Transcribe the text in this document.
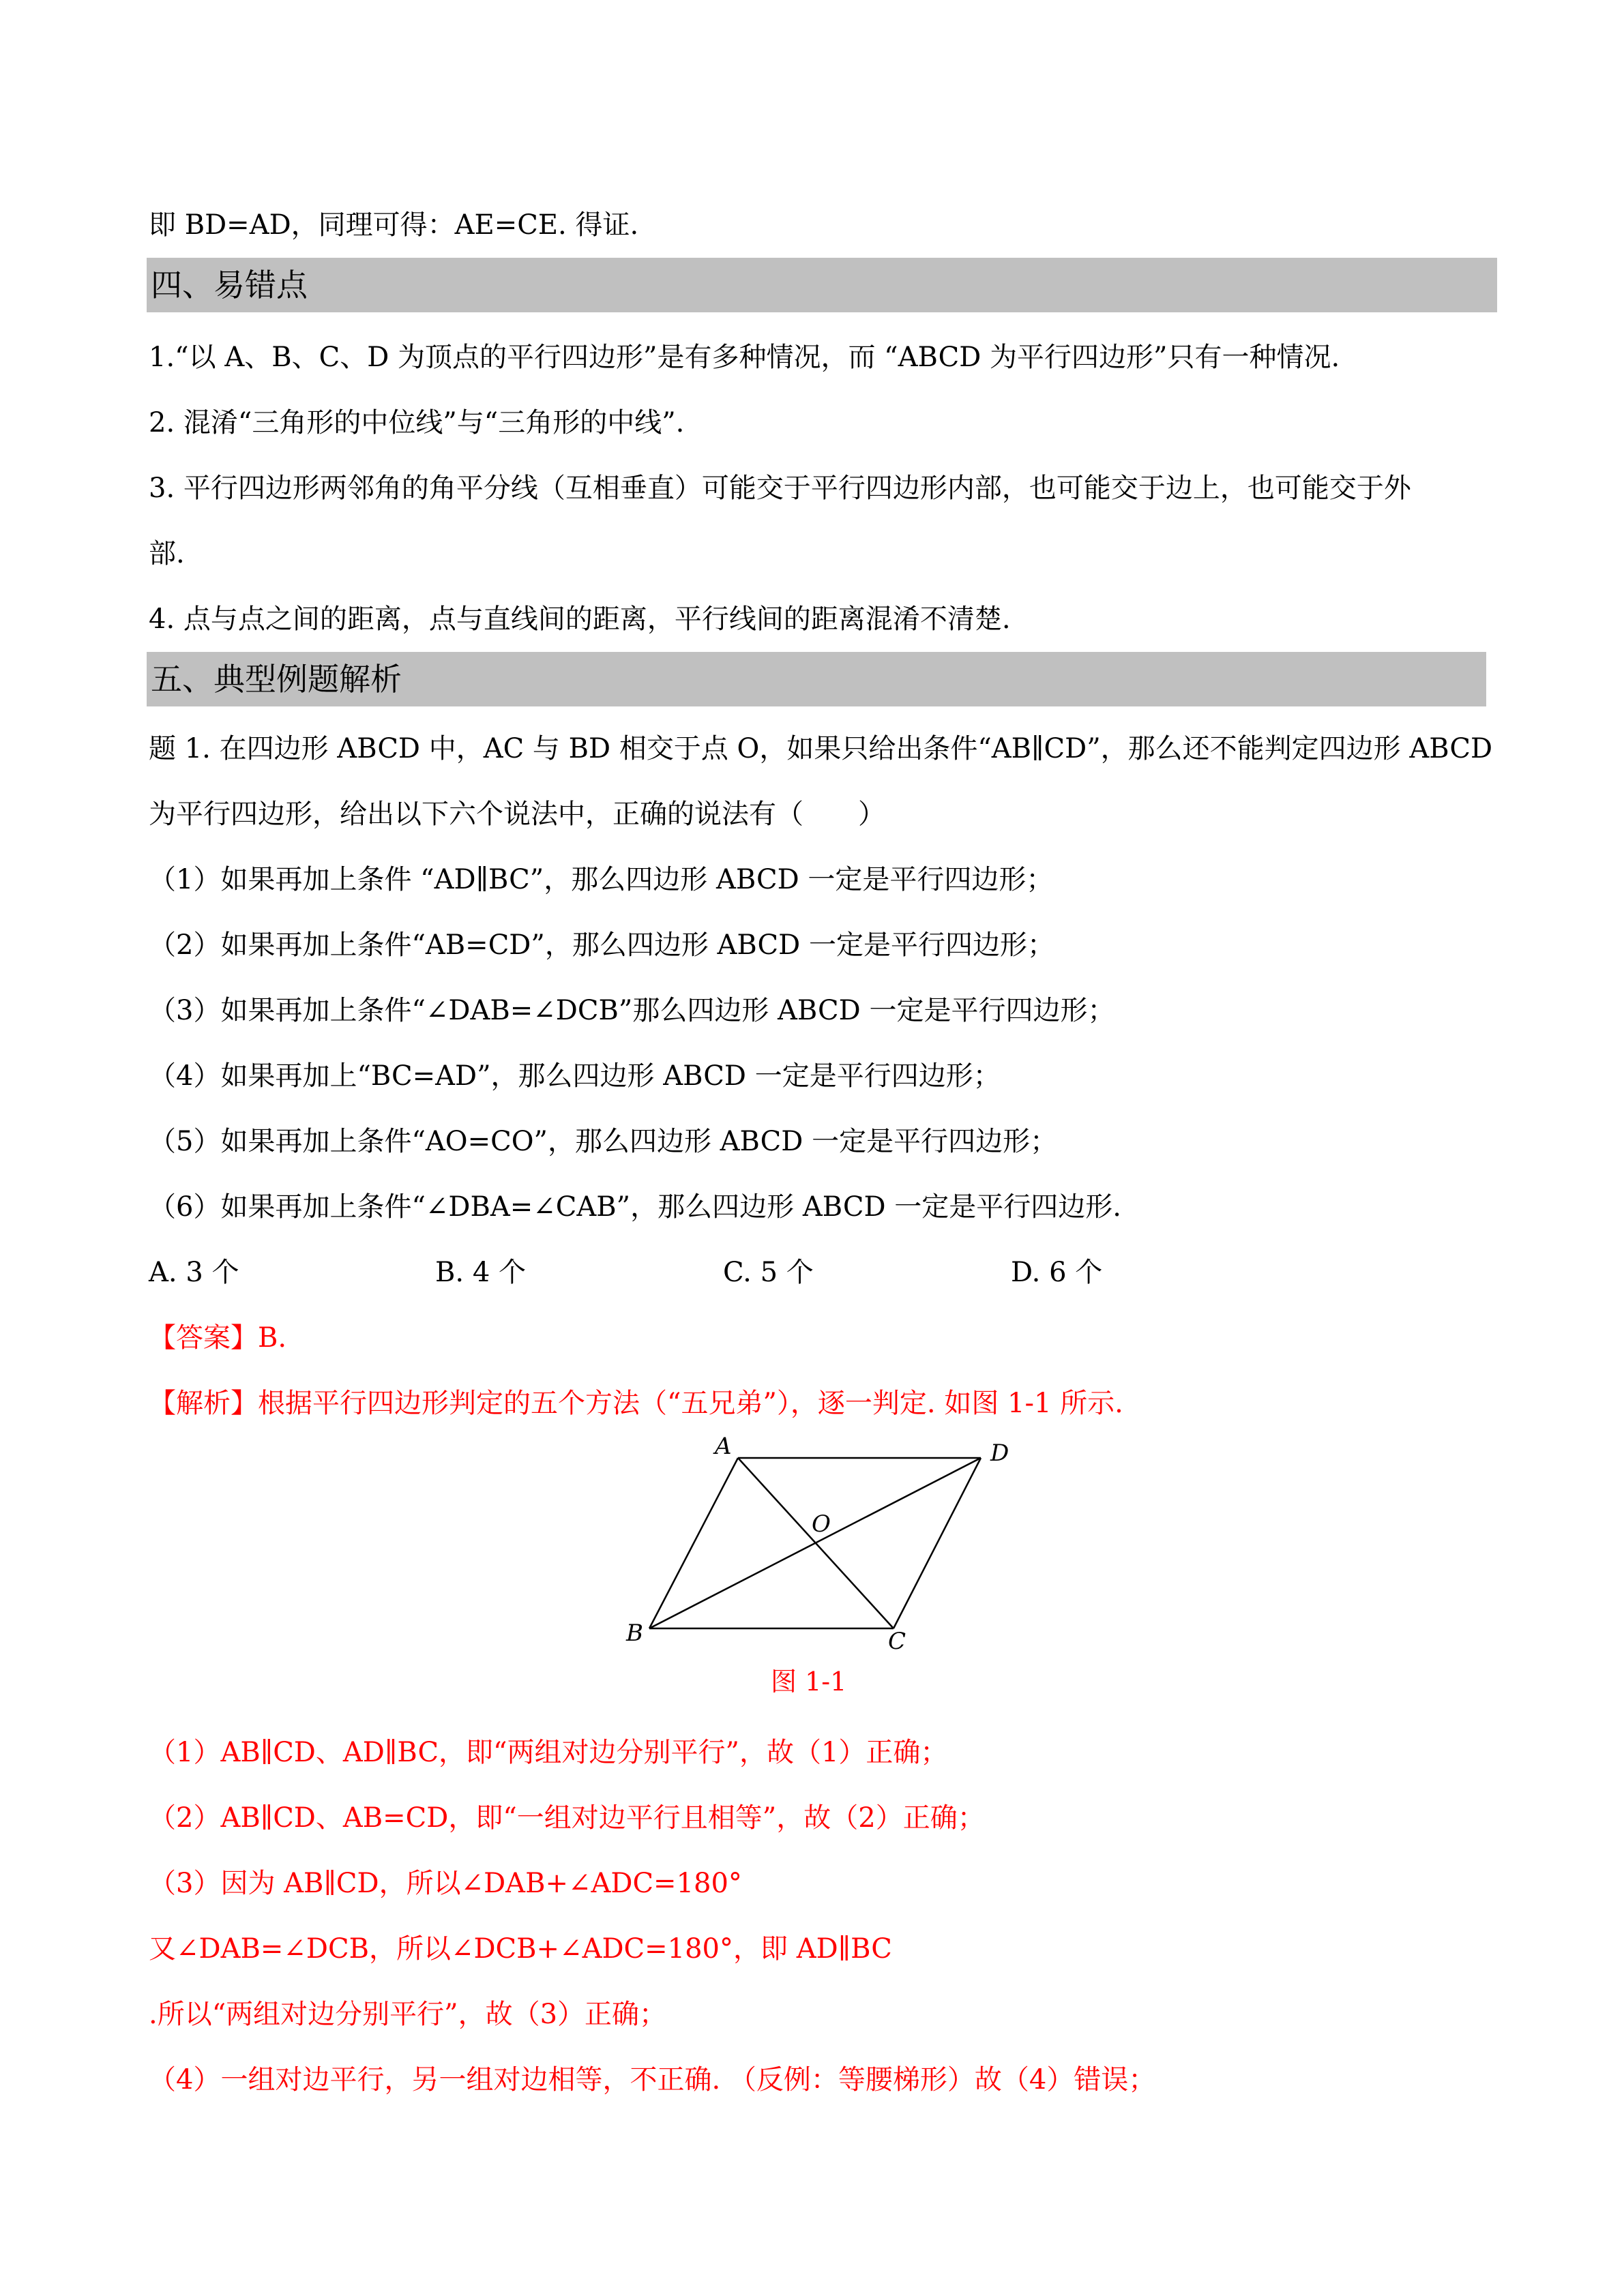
即 BD=AD，同理可得：AE=CE. 得证.
四、易错点
1.“以 A、B、C、D 为顶点的平行四边形”是有多种情况，而 “ABCD 为平行四边形”只有一种情况.
2. 混淆“三角形的中位线”与“三角形的中线”.
3. 平行四边形两邻角的角平分线（互相垂直）可能交于平行四边形内部，也可能交于边上，也可能交于外
部.
4. 点与点之间的距离，点与直线间的距离，平行线间的距离混淆不清楚.
五、典型例题解析
题 1. 在四边形 ABCD 中，AC 与 BD 相交于点 O，如果只给出条件“AB∥CD”，那么还不能判定四边形 ABCD
为平行四边形，给出以下六个说法中，正确的说法有（　　）
（1）如果再加上条件 “AD∥BC”，那么四边形 ABCD 一定是平行四边形；
（2）如果再加上条件“AB=CD”，那么四边形 ABCD 一定是平行四边形；
（3）如果再加上条件“∠DAB=∠DCB”那么四边形 ABCD 一定是平行四边形；
（4）如果再加上“BC=AD”，那么四边形 ABCD 一定是平行四边形；
（5）如果再加上条件“AO=CO”，那么四边形 ABCD 一定是平行四边形；
（6）如果再加上条件“∠DBA=∠CAB”，那么四边形 ABCD 一定是平行四边形.
A. 3 个	B. 4 个	C. 5 个	D. 6 个
【答案】B.
【解析】根据平行四边形判定的五个方法（“五兄弟”），逐一判定. 如图 1-1 所示.
A	D
O
B	C
图 1-1
（1）AB∥CD、AD∥BC，即“两组对边分别平行”，故（1）正确；
（2）AB∥CD、AB=CD，即“一组对边平行且相等”，故（2）正确；
（3）因为 AB∥CD，所以∠DAB+∠ADC=180°
又∠DAB=∠DCB，所以∠DCB+∠ADC=180°，即 AD∥BC
.所以“两组对边分别平行”，故（3）正确；
（4）一组对边平行，另一组对边相等，不正确. （反例：等腰梯形）故（4）错误；
